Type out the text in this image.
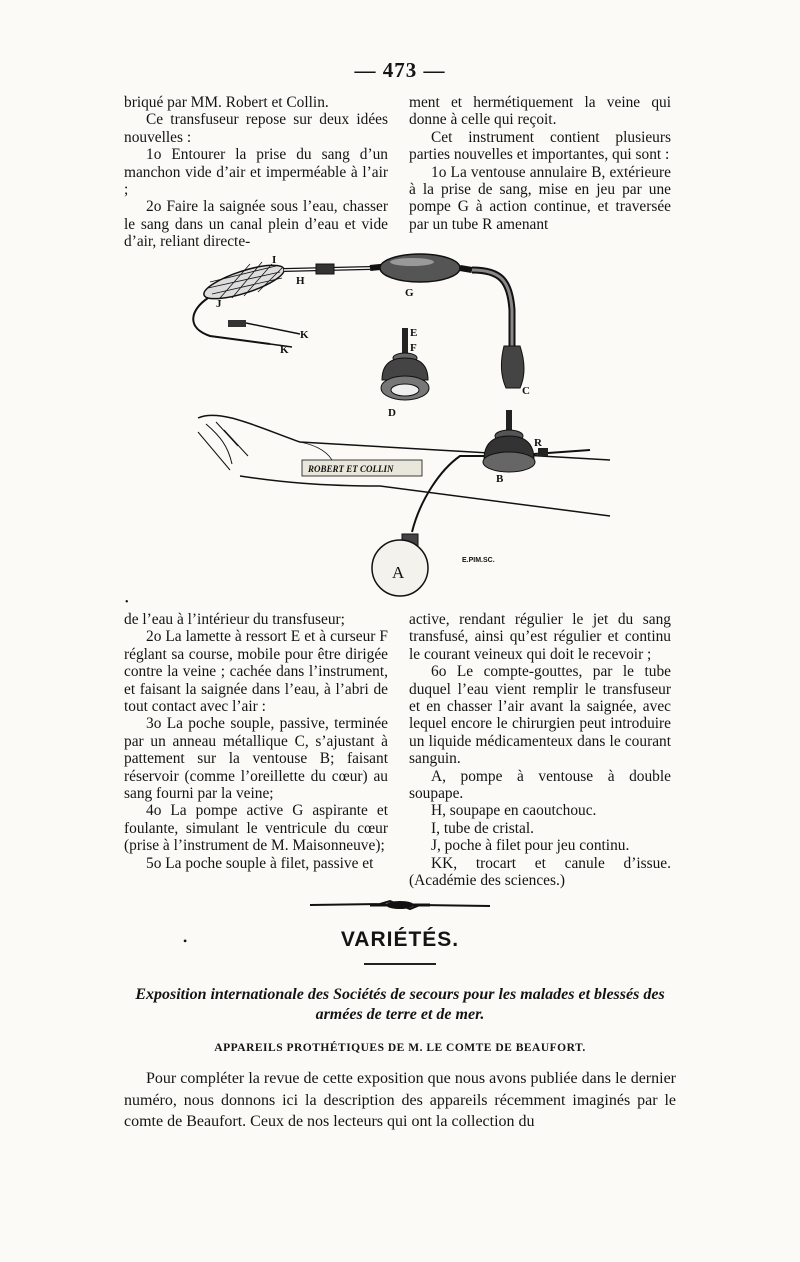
— 473 —

briqué par MM. Robert et Collin.

Ce transfuseur repose sur deux idées nouvelles :

1o Entourer la prise du sang d’un manchon vide d’air et imperméable à l’air ;

2o Faire la saignée sous l’eau, chasser le sang dans un canal plein d’eau et vide d’air, reliant directe-

ment et hermétiquement la veine qui donne à celle qui reçoit.

Cet instrument contient plusieurs parties nouvelles et importantes, qui sont :

1o La ventouse annulaire B, extérieure à la prise de sang, mise en jeu par une pompe G à action continue, et traversée par un tube R amenant

ROBERT ET COLLIN
I
H
G
J
K
K
E
F
D
C
R
B
A
E.PIM.SC.
•

de l’eau à l’intérieur du transfuseur;

2o La lamette à ressort E et à curseur F réglant sa course, mobile pour être dirigée contre la veine ; cachée dans l’instrument, et faisant la saignée dans l’eau, à l’abri de tout contact avec l’air :

3o La poche souple, passive, terminée par un anneau métallique C, s’ajustant à pattement sur la ventouse B; faisant réservoir (comme l’oreillette du cœur) au sang fourni par la veine;

4o La pompe active G aspirante et foulante, simulant le ventricule du cœur (prise à l’instrument de M. Maisonneuve);

5o La poche souple à filet, passive et

active, rendant régulier le jet du sang transfusé, ainsi qu’est régulier et continu le courant veineux qui doit le recevoir ;

6o Le compte-gouttes, par le tube duquel l’eau vient remplir le transfuseur et en chasser l’air avant la saignée, avec lequel encore le chirurgien peut introduire un liquide médicamenteux dans le courant sanguin.

A, pompe à ventouse à double soupape.

H, soupape en caoutchouc.

I, tube de cristal.

J, poche à filet pour jeu continu.

KK, trocart et canule d’issue. (Académie des sciences.)

•	VARIÉTÉS.
Exposition internationale des Sociétés de secours pour les malades et blessés des armées de terre et de mer.
APPAREILS PROTHÉTIQUES DE M. LE COMTE DE BEAUFORT.

Pour compléter la revue de cette exposition que nous avons publiée dans le dernier numéro, nous donnons ici la description des appareils récemment imaginés par le comte de Beaufort. Ceux de nos lecteurs qui ont la collection du
